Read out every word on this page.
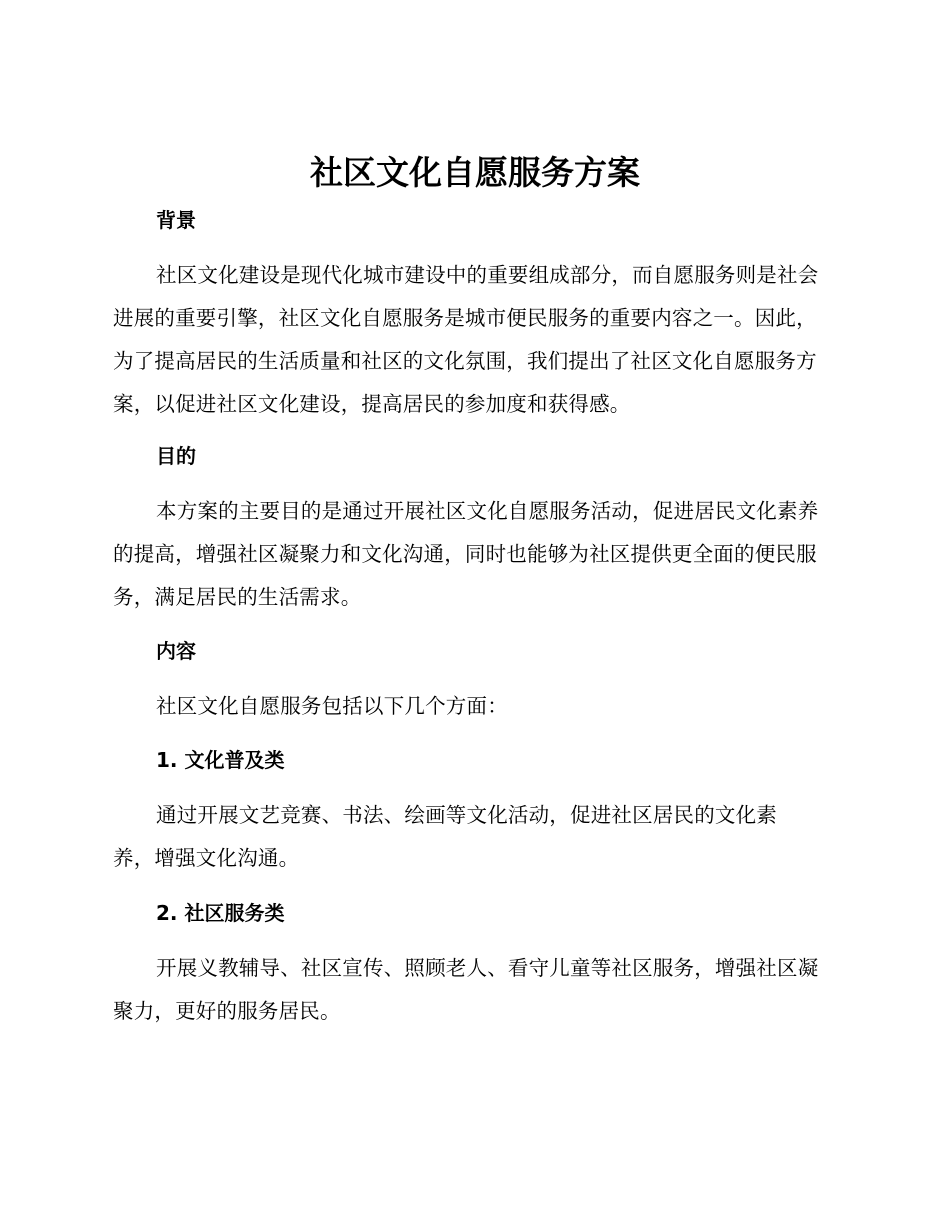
社区文化自愿服务方案
背景

社区文化建设是现代化城市建设中的重要组成部分，而自愿服务则是社会进展的重要引擎，社区文化自愿服务是城市便民服务的重要内容之一。因此，为了提高居民的生活质量和社区的文化氛围，我们提出了社区文化自愿服务方案，以促进社区文化建设，提高居民的参加度和获得感。

目的

本方案的主要目的是通过开展社区文化自愿服务活动，促进居民文化素养的提高，增强社区凝聚力和文化沟通，同时也能够为社区提供更全面的便民服务，满足居民的生活需求。

内容

社区文化自愿服务包括以下几个方面：

1. 文化普及类

通过开展文艺竞赛、书法、绘画等文化活动，促进社区居民的文化素养，增强文化沟通。

2. 社区服务类

开展义教辅导、社区宣传、照顾老人、看守儿童等社区服务，增强社区凝聚力，更好的服务居民。
